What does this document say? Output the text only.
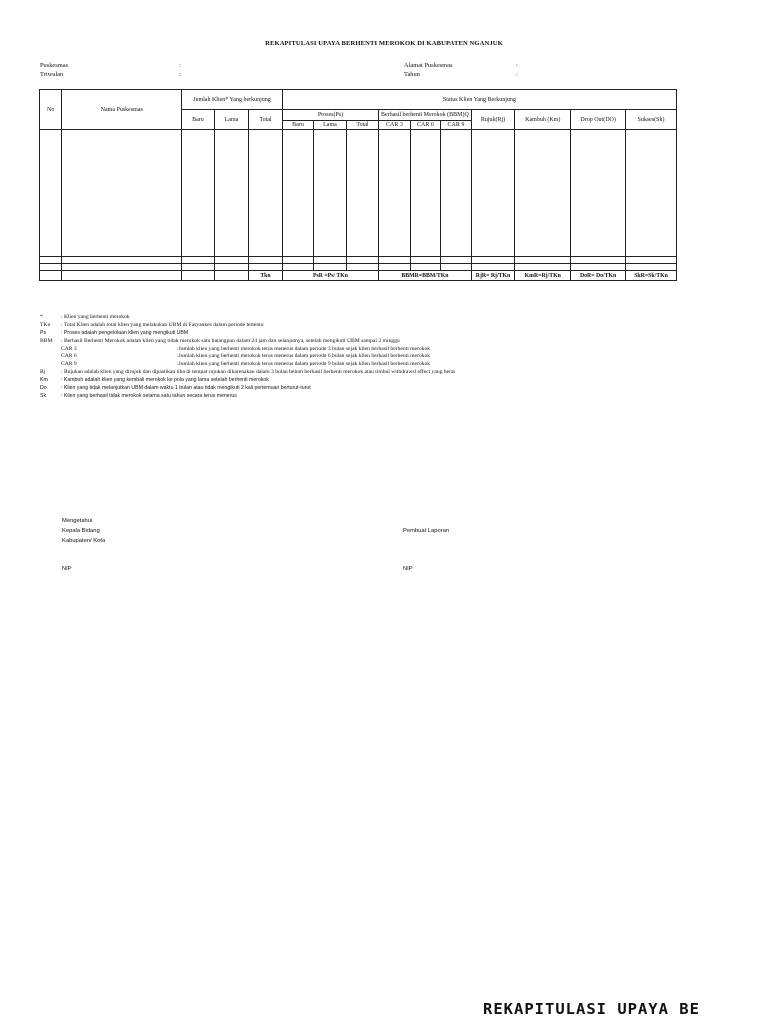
REKAPITULASI UPAYA BERHENTI MEROKOK DI KABUPATEN NGANJUK
Puskesmas	:
Triwulan	:
Alamat Puskesmas	:
Tahun	:
No	Nama Puskesmas	Jumlah Klien* Yang berkunjung			Status Klien Yang Berkunjung									
		Baru	Lama	Total	Proses(Ps)			Berhasil berhenti Merokok (BBM)Q			Rujuk(Rj)	Kambuh (Km)	Drop Out(DO)	Sukses(Sk)
					Baru	Lama	Total	CAR 3	CAR 6	CAR 9				

				Tkn	PsR =Ps/ TKn			BBMR=BBM/TKn			RjR= Rj/TKn	KmR=Rj/TKn	DoR= Do/TKn	SkR=Sk/TKn
*	: Klien yang berhenti merokok
TKn : Total Klien adalah total klien yang melakukan UBM di Fasyankes dalam periode tertentu
Ps	: Proses adalah pengelolaan klien yang mengikuti UBM
BBM : Berhasil Berhenti Merokok adalah klien yang tidak merokok satu batangpun dalam 24 jam dan selanjutnya, setelah mengikuti UBM sampai 2 minggu
CAR 3	:Jumlah klien yang berhenti merokok terus menerus dalam periode 3 bulan sejak klien berhasil berhenti merokok
CAR 6	:Jumlah klien yang berhenti merokok terus menerus dalam periode 6 bulan sejak klien berhasil berhenti merokok
CAR 9	:Jumlah klien yang berhenti merokok terus menerus dalam periode 9 bulan sejak klien berhasil berhenti merokok
Rj	: Rujukan adalah klien yang dirujuk dan dipastikan tiba di tempat rujukan dikarenakan dalam 3 bulan belum berhasil berhenti merokok atau timbul withdrawsl effect yang berat
Km	: Kambuh adalah klien yang kembali merokok ke pola yang lama setelah berhenti merokok
Do	: Klien yang tidak melanjutkan UBM dalam waktu 1 bulan atau tidak mengikuti 2 kali pertemuan berturut-turut
Sk	: Kilen yang berhasil tidak merokok selama satu tahun secara terus menerus
Mengetahui
Kepala Bidang
Kabupaten/ Kota
NIP
Pembuat Laporan
NIP
REKAPITULASI UPAYA BE
